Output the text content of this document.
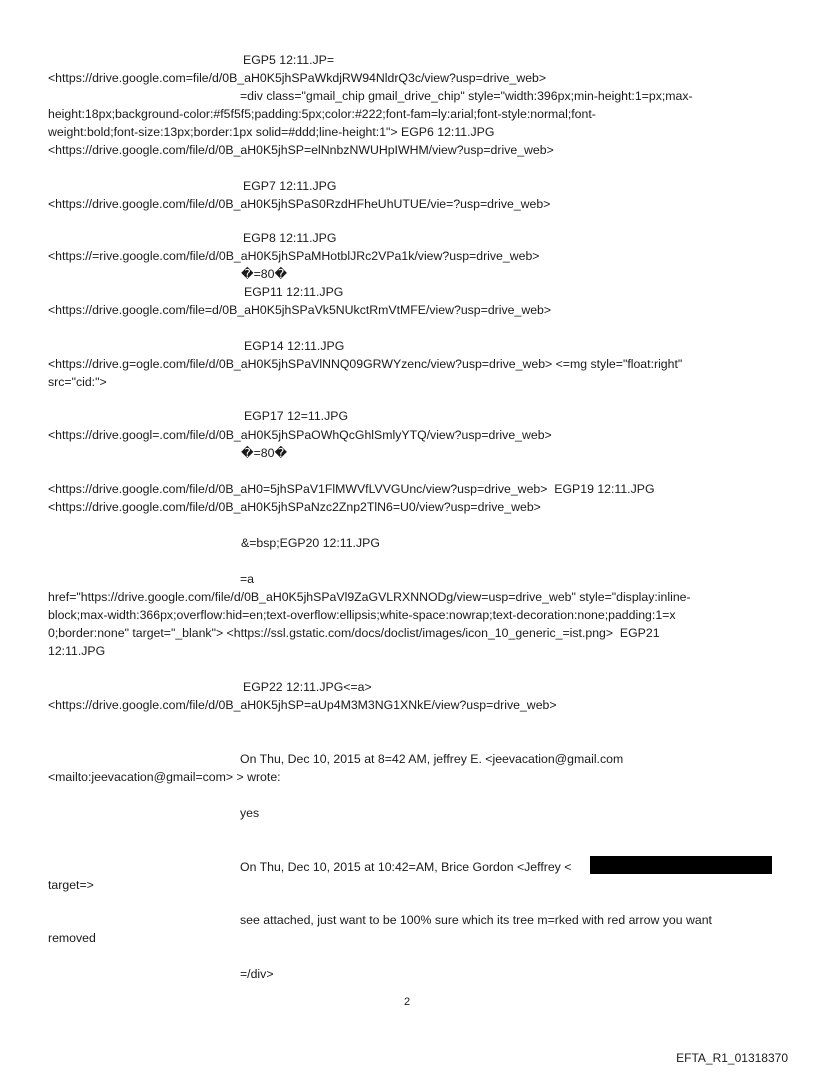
EGP5 12:11.JP=

<https://drive.google.com=file/d/0B_aH0K5jhSPaWkdjRW94NldrQ3c/view?usp=drive_web>

=div class="gmail_chip gmail_drive_chip" style="width:396px;min-height:1=px;max-

height:18px;background-color:#f5f5f5;padding:5px;color:#222;font-fam=ly:arial;font-style:normal;font-

weight:bold;font-size:13px;border:1px solid=#ddd;line-height:1"> EGP6 12:11.JPG

<https://drive.google.com/file/d/0B_aH0K5jhSP=elNnbzNWUHpIWHM/view?usp=drive_web>

EGP7 12:11.JPG

<https://drive.google.com/file/d/0B_aH0K5jhSPaS0RzdHFheUhUTUE/vie=?usp=drive_web>

EGP8 12:11.JPG

<https://=rive.google.com/file/d/0B_aH0K5jhSPaMHotblJRc2VPa1k/view?usp=drive_web>

�=80�

EGP11 12:11.JPG

<https://drive.google.com/file=d/0B_aH0K5jhSPaVk5NUkctRmVtMFE/view?usp=drive_web>

EGP14 12:11.JPG

<https://drive.g=ogle.com/file/d/0B_aH0K5jhSPaVlNNQ09GRWYzenc/view?usp=drive_web> <=mg style="float:right"

src="cid:">

EGP17 12=11.JPG

<https://drive.googl=.com/file/d/0B_aH0K5jhSPaOWhQcGhlSmlyYTQ/view?usp=drive_web>

�=80�

<https://drive.google.com/file/d/0B_aH0=5jhSPaV1FlMWVfLVVGUnc/view?usp=drive_web>  EGP19 12:11.JPG

<https://drive.google.com/file/d/0B_aH0K5jhSPaNzc2Znp2TlN6=U0/view?usp=drive_web>

&=bsp;EGP20 12:11.JPG

=a

href="https://drive.google.com/file/d/0B_aH0K5jhSPaVl9ZaGVLRXNNODg/view=usp=drive_web" style="display:inline-

block;max-width:366px;overflow:hid=en;text-overflow:ellipsis;white-space:nowrap;text-decoration:none;padding:1=x

0;border:none" target="_blank"> <https://ssl.gstatic.com/docs/doclist/images/icon_10_generic_=ist.png>  EGP21

12:11.JPG

EGP22 12:11.JPG<=a>

<https://drive.google.com/file/d/0B_aH0K5jhSP=aUp4M3M3NG1XNkE/view?usp=drive_web>

On Thu, Dec 10, 2015 at 8=42 AM, jeffrey E. <jeevacation@gmail.com

<mailto:jeevacation@gmail=com> > wrote:

yes

On Thu, Dec 10, 2015 at 10:42=AM, Brice Gordon <Jeffrey <

target=>

see attached, just want to be 100% sure which its tree m=rked with red arrow you want

removed

=/div>

2
EFTA_R1_01318370
